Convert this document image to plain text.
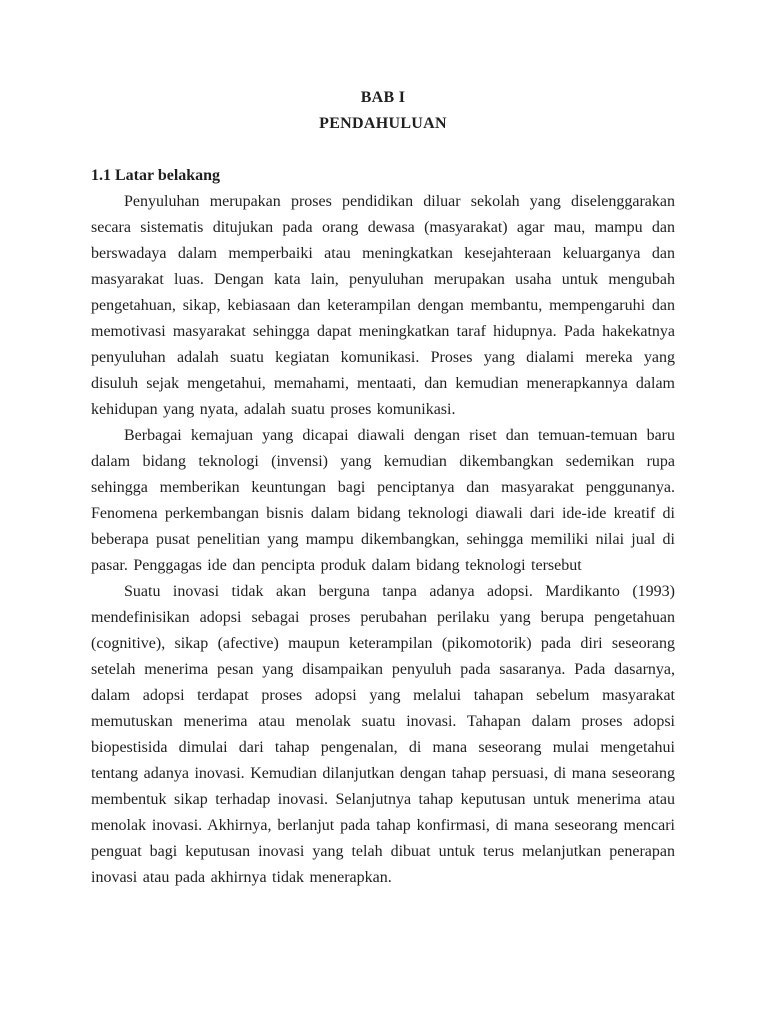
BAB I
PENDAHULUAN
1.1 Latar belakang

Penyuluhan merupakan proses pendidikan diluar sekolah yang diselenggarakan secara sistematis ditujukan pada orang dewasa (masyarakat) agar mau, mampu dan berswadaya dalam memperbaiki atau meningkatkan kesejahteraan keluarganya dan masyarakat luas. Dengan kata lain, penyuluhan merupakan usaha untuk mengubah pengetahuan, sikap, kebiasaan dan keterampilan dengan membantu, mempengaruhi dan memotivasi masyarakat sehingga dapat meningkatkan taraf hidupnya. Pada hakekatnya penyuluhan adalah suatu kegiatan komunikasi. Proses yang dialami mereka yang disuluh sejak mengetahui, memahami, mentaati, dan kemudian menerapkannya dalam kehidupan yang nyata, adalah suatu proses komunikasi.

Berbagai kemajuan yang dicapai diawali dengan riset dan temuan-temuan baru dalam bidang teknologi (invensi) yang kemudian dikembangkan sedemikan rupa sehingga memberikan keuntungan bagi penciptanya dan masyarakat penggunanya. Fenomena perkembangan bisnis dalam bidang teknologi diawali dari ide-ide kreatif di beberapa pusat penelitian yang mampu dikembangkan, sehingga memiliki nilai jual di pasar. Penggagas ide dan pencipta produk dalam bidang teknologi tersebut

Suatu inovasi tidak akan berguna tanpa adanya adopsi. Mardikanto (1993) mendefinisikan adopsi sebagai proses perubahan perilaku yang berupa pengetahuan (cognitive), sikap (afective) maupun keterampilan (pikomotorik) pada diri seseorang setelah menerima pesan yang disampaikan penyuluh pada sasaranya. Pada dasarnya, dalam adopsi terdapat proses adopsi yang melalui tahapan sebelum masyarakat memutuskan menerima atau menolak suatu inovasi. Tahapan dalam proses adopsi biopestisida dimulai dari tahap pengenalan, di mana seseorang mulai mengetahui tentang adanya inovasi. Kemudian dilanjutkan dengan tahap persuasi, di mana seseorang membentuk sikap terhadap inovasi. Selanjutnya tahap keputusan untuk menerima atau menolak inovasi. Akhirnya, berlanjut pada tahap konfirmasi, di mana seseorang mencari penguat bagi keputusan inovasi yang telah dibuat untuk terus melanjutkan penerapan inovasi atau pada akhirnya tidak menerapkan.
